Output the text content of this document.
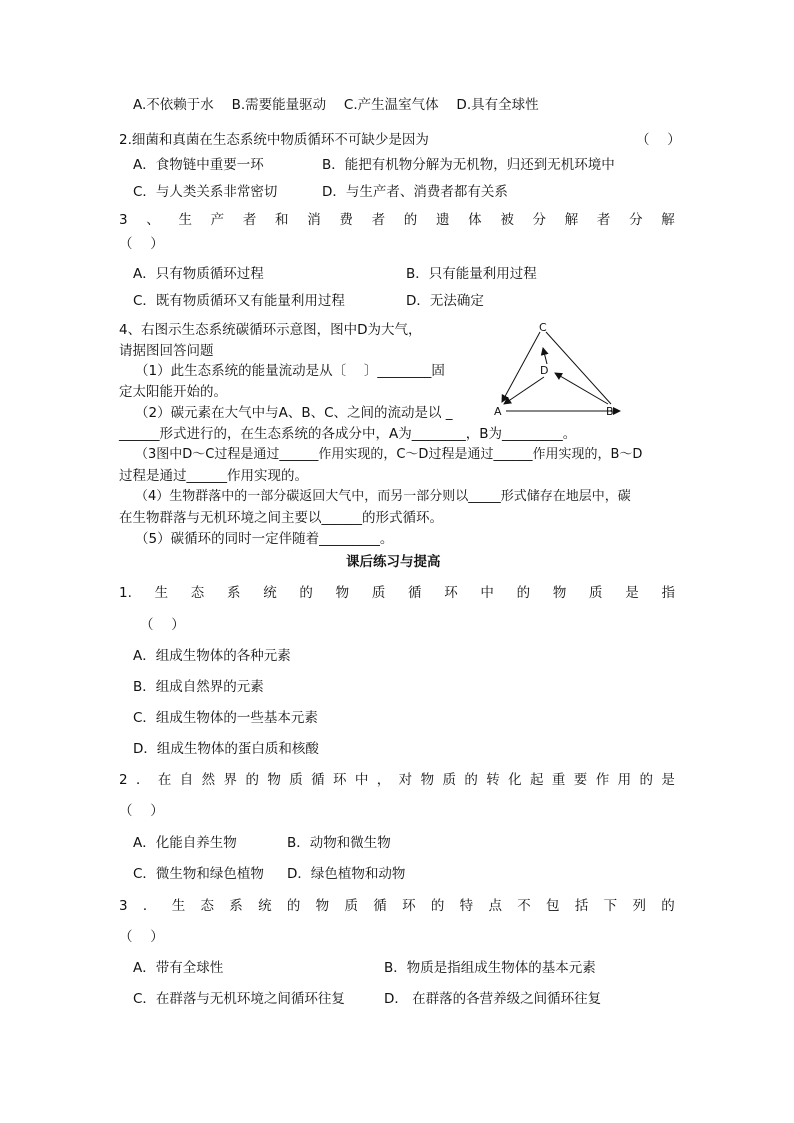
A.不依赖于水　 B.需要能量驱动　 C.产生温室气体　 D.具有全球性
2.细菌和真菌在生态系统中物质循环不可缺少是因为	（　 ）
A．食物链中重要一环	B．能把有机物分解为无机物，归还到无机环境中
C．与人类关系非常密切	D．与生产者、消费者都有关系
3 、 生 产 者 和 消 费 者 的 遗 体 被 分 解 者 分 解
（　 ）
A．只有物质循环过程	B．只有能量利用过程
C．既有物质循环又有能量利用过程	D．无法确定
4、右图示生态系统碳循环示意图，图中D为大气，
请据图回答问题
（1）此生态系统的能量流动是从〔　 〕________固
定太阳能开始的。
（2）碳元素在大气中与A、B、C、之间的流动是以 _
______形式进行的，在生态系统的各成分中，A为________，B为_________。
（3图中D～C过程是通过______作用实现的，C～D过程是通过______作用实现的，B～D
过程是通过______作用实现的。
（4）生物群落中的一部分碳返回大气中，而另一部分则以_____形式储存在地层中，碳
在生物群落与无机环境之间主要以______的形式循环。
（5）碳循环的同时一定伴随着_________。
C
D
A	B
课后练习与提高
1. 生 态 系 统 的 物 质 循 环 中 的 物 质 是 指
（　 ）
A．组成生物体的各种元素
B．组成自然界的元素
C．组成生物体的一些基本元素
D．组成生物体的蛋白质和核酸
2 ． 在 自 然 界 的 物 质 循 环 中 ， 对 物 质 的 转 化 起 重 要 作 用 的 是
（　 ）
A．化能自养生物	B．动物和微生物
C．微生物和绿色植物 D．绿色植物和动物
3 ． 生 态 系 统 的 物 质 循 环 的 特 点 不 包 括 下 列 的
（　 ）
A．带有全球性	B．物质是指组成生物体的基本元素
C．在群落与无机环境之间循环往复	D． 在群落的各营养级之间循环往复
